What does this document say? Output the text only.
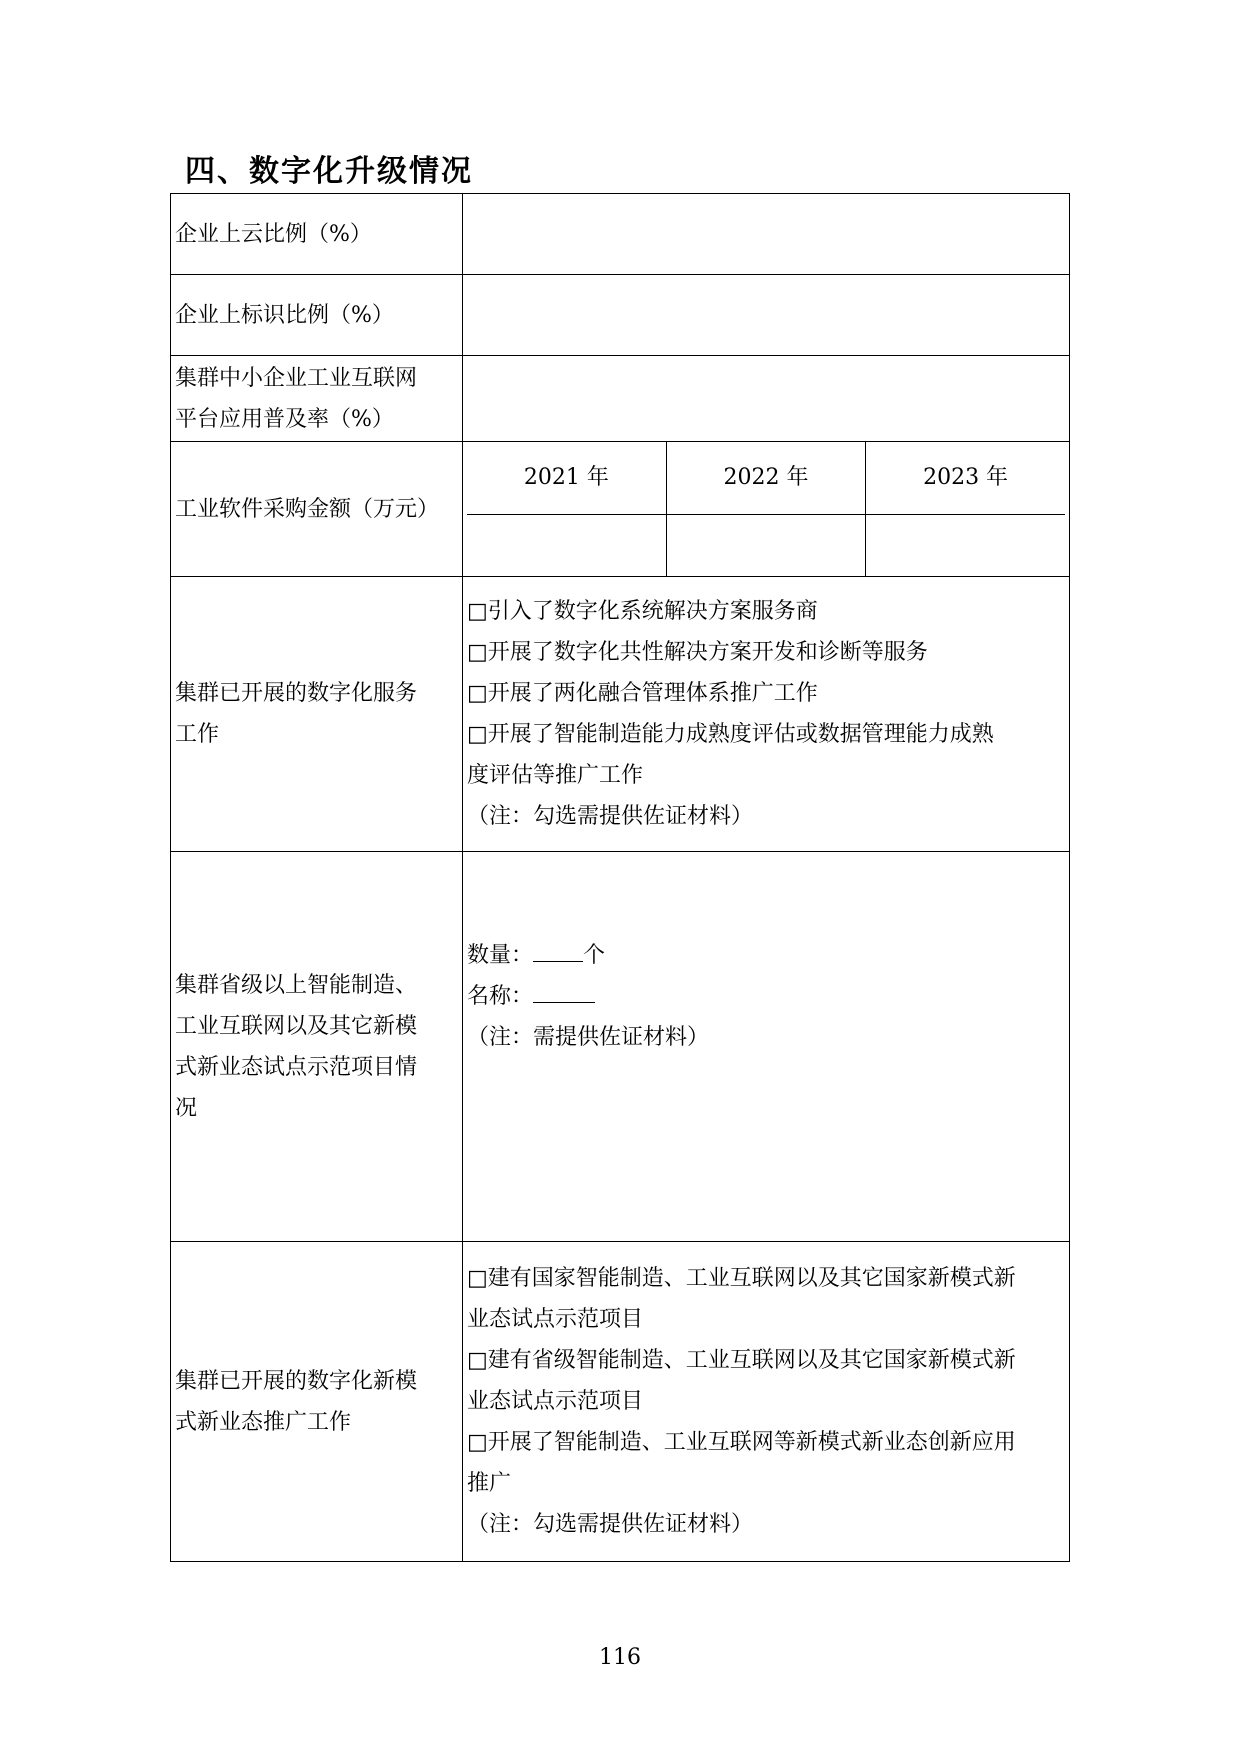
四、数字化升级情况
企业上云比例（%）	
企业上标识比例（%）	

集群中小企业工业互联网
平台应用普及率（%）

工业软件采购金额（万元）	
2021 年	2022 年	2023 年

集群已开展的数字化服务
工作

□引入了数字化系统解决方案服务商
□开展了数字化共性解决方案开发和诊断等服务
□开展了两化融合管理体系推广工作
□开展了智能制造能力成熟度评估或数据管理能力成熟
度评估等推广工作
（注：勾选需提供佐证材料）

集群省级以上智能制造、
工业互联网以及其它新模
式新业态试点示范项目情
况

数量： 个
名称：
（注：需提供佐证材料）

集群已开展的数字化新模
式新业态推广工作

□建有国家智能制造、工业互联网以及其它国家新模式新
业态试点示范项目
□建有省级智能制造、工业互联网以及其它国家新模式新
业态试点示范项目
□开展了智能制造、工业互联网等新模式新业态创新应用
推广
（注：勾选需提供佐证材料）
116
